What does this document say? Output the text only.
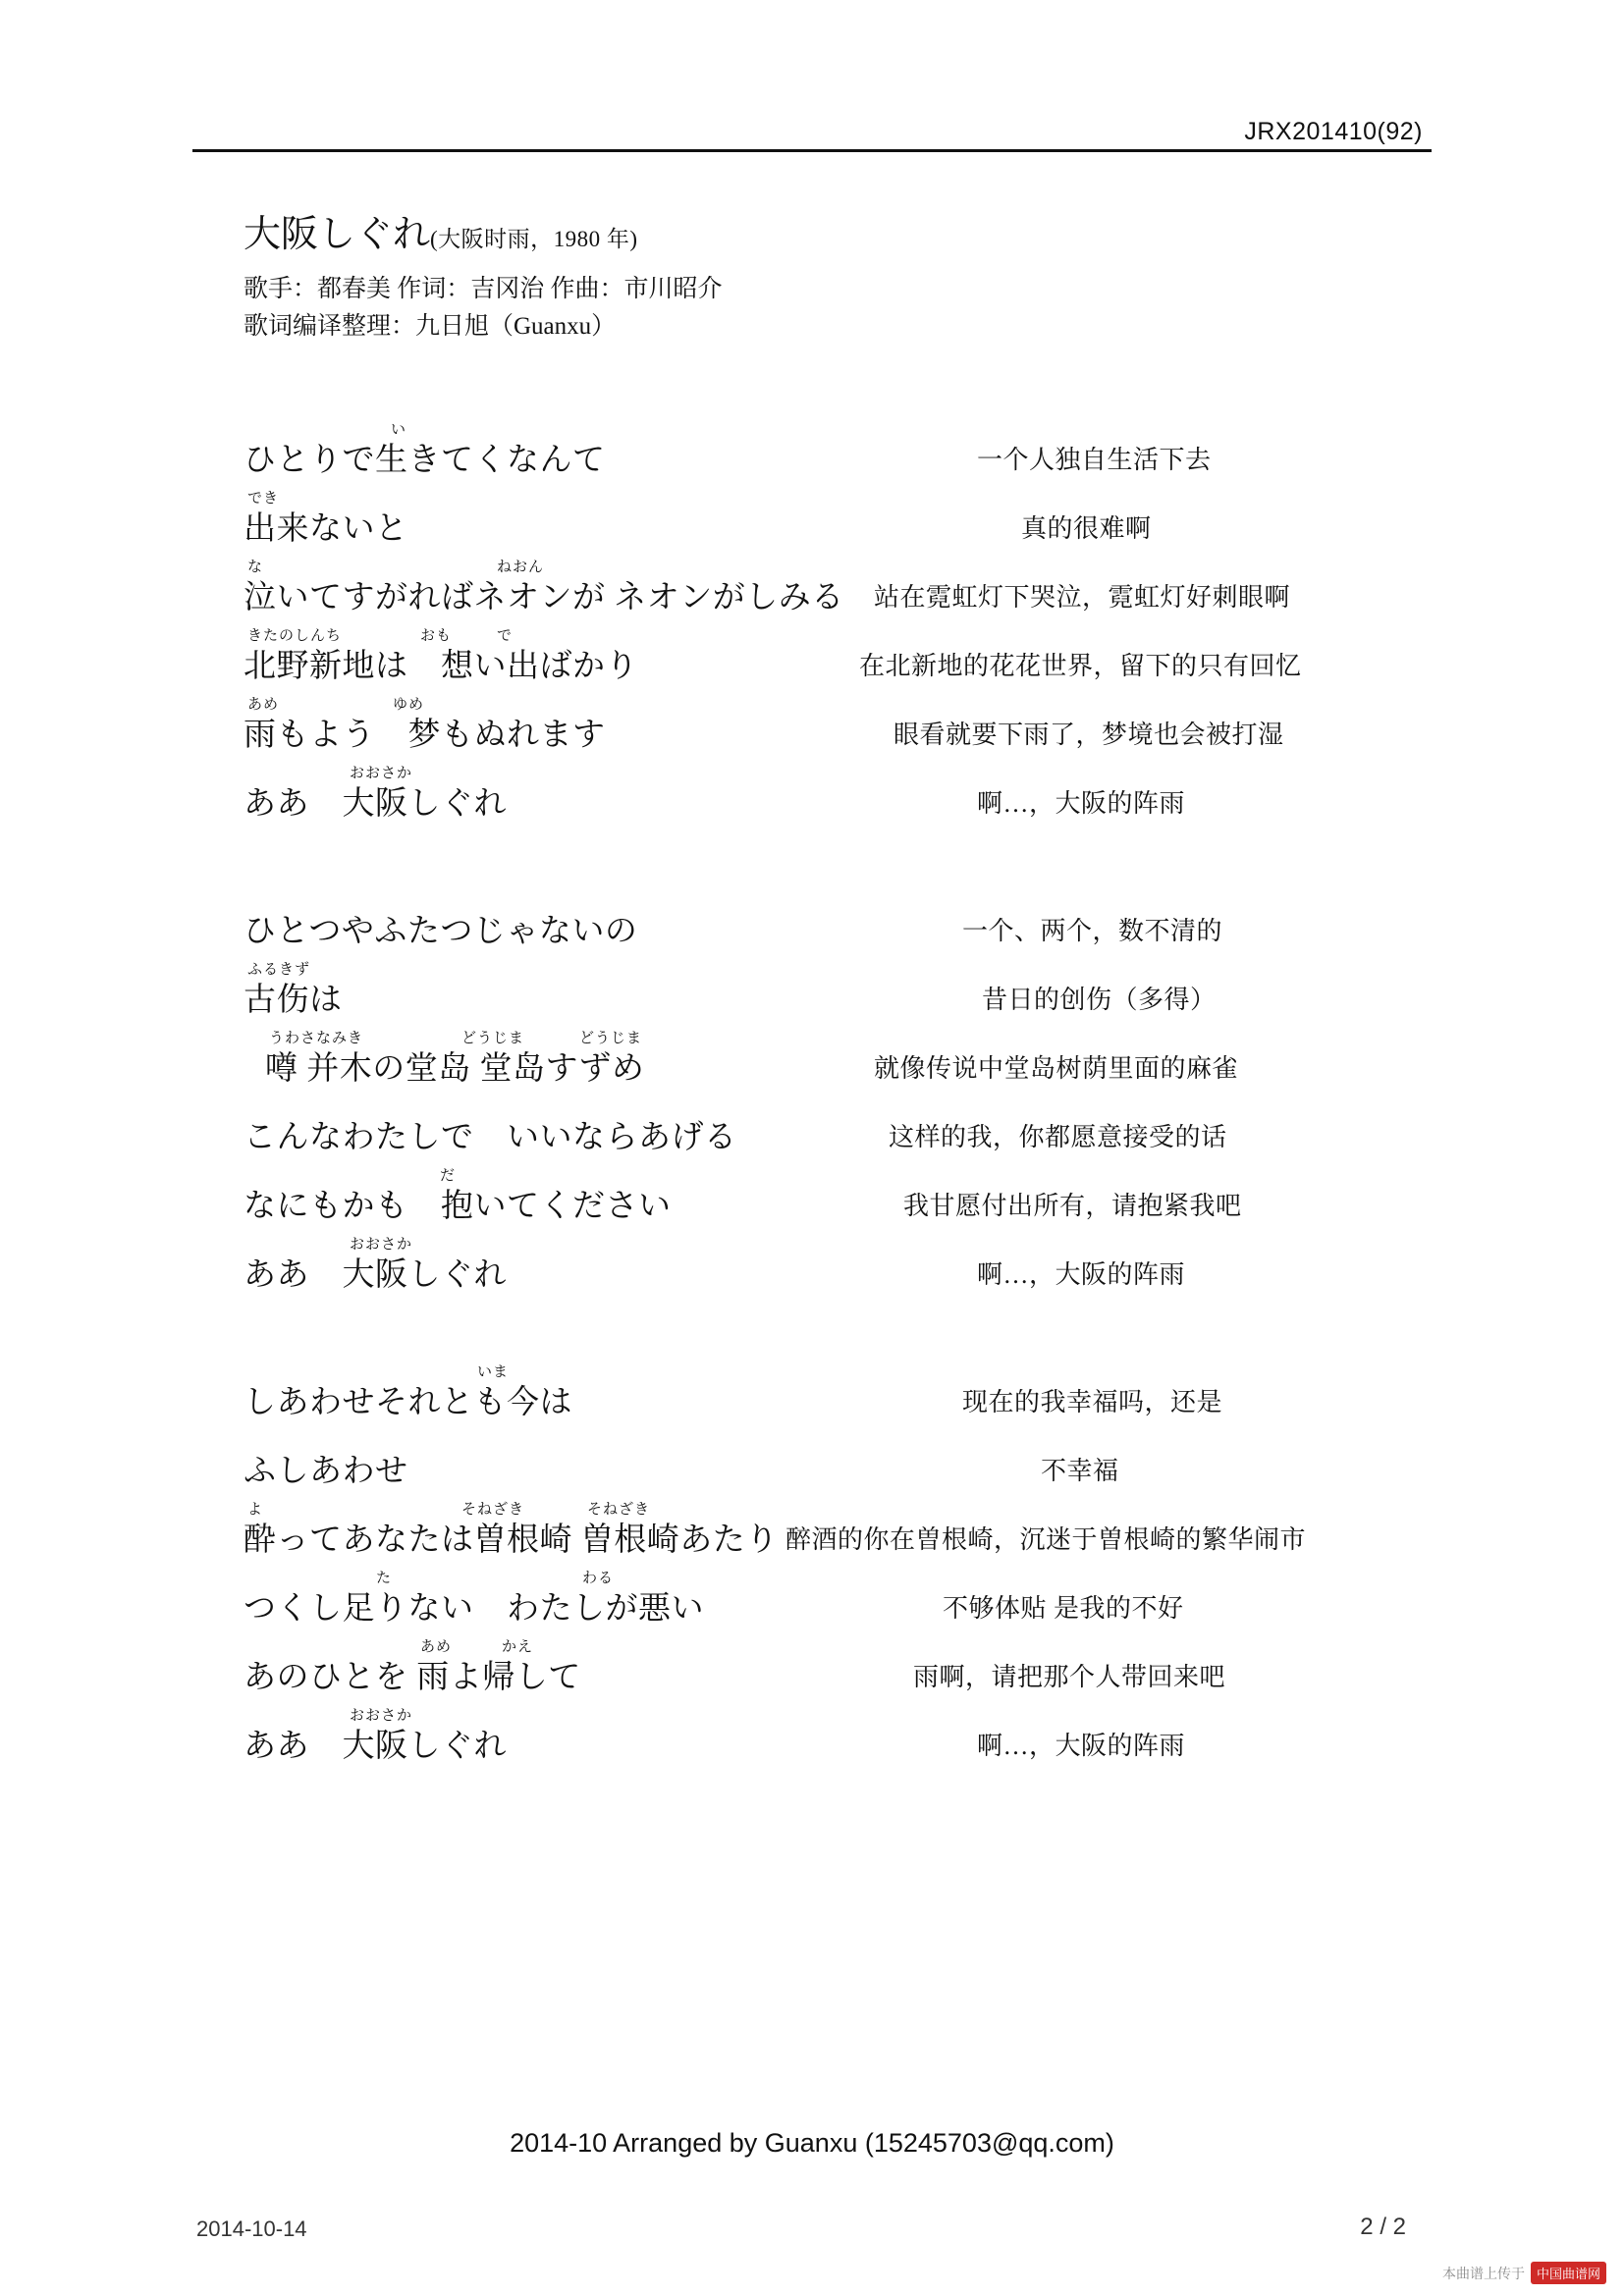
JRX201410(92)
大阪しぐれ(大阪时雨，1980 年)
歌手：都春美 作词：吉冈治 作曲：市川昭介
歌词编译整理：九日旭（Guanxu）
ひとりで生きてくなんて
い
一个人独自生活下去
出来ないと
でき
真的很难啊
泣いてすがればネオンが ネオンがしみる
な	ねおん
站在霓虹灯下哭泣，霓虹灯好刺眼啊
北野新地は　想い出ばかり
きたのしんち	おも	で
在北新地的花花世界，留下的只有回忆
雨もよう　梦もぬれます
あめ	ゆめ
眼看就要下雨了，梦境也会被打湿
ああ　大阪しぐれ
おおさか
啊…，大阪的阵雨
ひとつやふたつじゃないの	一个、两个，数不清的
古伤は
ふるきず
昔日的创伤（多得）
噂 并木の堂岛 堂岛すずめ
うわさなみき	どうじま	どうじま
就像传说中堂岛树荫里面的麻雀
こんなわたしで　いいならあげる	这样的我，你都愿意接受的话
なにもかも　抱いてください
だ
我甘愿付出所有，请抱紧我吧
ああ　大阪しぐれ
おおさか
啊…，大阪的阵雨
しあわせそれとも今は
いま
现在的我幸福吗，还是
ふしあわせ	不幸福
酔ってあなたは曽根崎 曽根崎あたり
よ	そねざき	そねざき
醉酒的你在曽根崎，沉迷于曽根崎的繁华闹市
つくし足りない　わたしが悪い
た	わる
不够体贴 是我的不好
あのひとを 雨よ帰して
あめ	かえ
雨啊，请把那个人带回来吧
ああ　大阪しぐれ
おおさか
啊…，大阪的阵雨
2014-10 Arranged by Guanxu (15245703@qq.com)
2014-10-14	2 / 2
本曲谱上传于 中国曲谱网
